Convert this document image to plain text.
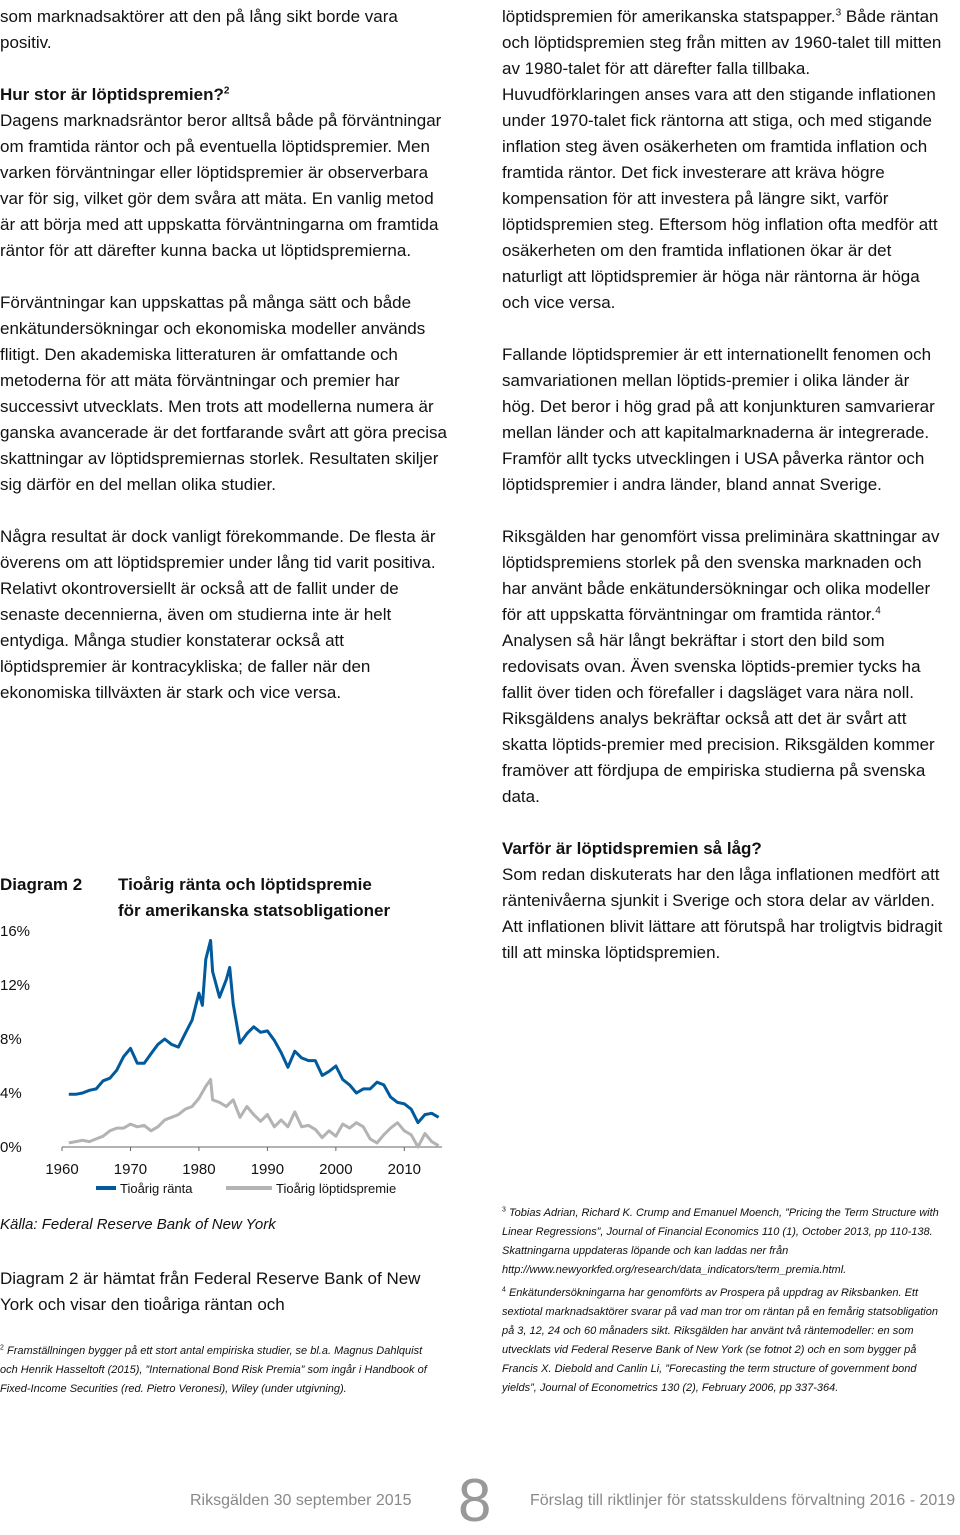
som marknadsaktörer att den på lång sikt borde vara positiv.

Hur stor är löptidspremien?$^2$

Dagens marknadsräntor beror alltså både på förväntningar om framtida räntor och på eventuella löptidspremier. Men varken förväntningar eller löptidspremier är observerbara var för sig, vilket gör dem svåra att mäta. En vanlig metod är att börja med att uppskatta förväntningarna om framtida räntor för att därefter kunna backa ut löptidspremierna.

Förväntningar kan uppskattas på många sätt och både enkätundersökningar och ekonomiska modeller används flitigt. Den akademiska litteraturen är omfattande och metoderna för att mäta förväntningar och premier har successivt utvecklats. Men trots att modellerna numera är ganska avancerade är det fortfarande svårt att göra precisa skattningar av löptidspremiernas storlek. Resultaten skiljer sig därför en del mellan olika studier.

Några resultat är dock vanligt förekommande. De flesta är överens om att löptidspremier under lång tid varit positiva. Relativt okontroversiellt är också att de fallit under de senaste decennierna, även om studierna inte är helt entydiga. Många studier konstaterar också att löptidspremier är kontracykliska; de faller när den ekonomiska tillväxten är stark och vice versa.

Diagram 2 Tioårig ränta och löptidspremie
för amerikanska statsobligationer
0%
4%
8%
12%
16%
1960 1970 1980 1990 2000 2010
Tioårig ränta	Tioårig löptidspremie
Källa: Federal Reserve Bank of New York

Diagram 2 är hämtat från Federal Reserve Bank of New York och visar den tioåriga räntan och

$^2$ Framställningen bygger på ett stort antal empiriska studier, se bl.a. Magnus Dahlquist och Henrik Hasseltoft (2015), ”International Bond Risk Premia” som ingår i Handbook of Fixed-Income Securities (red. Pietro Veronesi), Wiley (under utgivning).

löptidspremien för amerikanska statspapper.$^3$ Både räntan och löptidspremien steg från mitten av 1960-talet till mitten av 1980-talet för att därefter falla tillbaka. Huvudförklaringen anses vara att den stigande inflationen under 1970-talet fick räntorna att stiga, och med stigande inflation steg även osäkerheten om framtida inflation och framtida räntor. Det fick investerare att kräva högre kompensation för att investera på längre sikt, varför löptidspremien steg. Eftersom hög inflation ofta medför att osäkerheten om den framtida inflationen ökar är det naturligt att löptidspremier är höga när räntorna är höga och vice versa.

Fallande löptidspremier är ett internationellt fenomen och samvariationen mellan löptids-premier i olika länder är hög. Det beror i hög grad på att konjunkturen samvarierar mellan länder och att kapitalmarknaderna är integrerade. Framför allt tycks utvecklingen i USA påverka räntor och löptidspremier i andra länder, bland annat Sverige.

Riksgälden har genomfört vissa preliminära skattningar av löptidspremiens storlek på den svenska marknaden och har använt både enkätundersökningar och olika modeller för att uppskatta förväntningar om framtida räntor.$^4$ Analysen så här långt bekräftar i stort den bild som redovisats ovan. Även svenska löptids-premier tycks ha fallit över tiden och förefaller i dagsläget vara nära noll. Riksgäldens analys bekräftar också att det är svårt att skatta löptids-premier med precision. Riksgälden kommer framöver att fördjupa de empiriska studierna på svenska data.

Varför är löptidspremien så låg?

Som redan diskuterats har den låga inflationen medfört att räntenivåerna sjunkit i Sverige och stora delar av världen. Att inflationen blivit lättare att förutspå har troligtvis bidragit till att minska löptidspremien.

$^3$ Tobias Adrian, Richard K. Crump and Emanuel Moench, ”Pricing the Term Structure with Linear Regressions”, Journal of Financial Economics 110 (1), October 2013, pp 110-138. Skattningarna uppdateras löpande och kan laddas ner från http://www.newyorkfed.org/research/data_indicators/term_premia.html.
$^4$ Enkätundersökningarna har genomförts av Prospera på uppdrag av Riksbanken. Ett sextiotal marknadsaktörer svarar på vad man tror om räntan på en femårig statsobligation på 3, 12, 24 och 60 månaders sikt. Riksgälden har använt två räntemodeller: en som utvecklats vid Federal Reserve Bank of New York (se fotnot 2) och en som bygger på Francis X. Diebold and Canlin Li, ”Forecasting the term structure of government bond yields”, Journal of Econometrics 130 (2), February 2006, pp 337-364.
Riksgälden 30 september 2015 8 Förslag till riktlinjer för statsskuldens förvaltning 2016 - 2019
